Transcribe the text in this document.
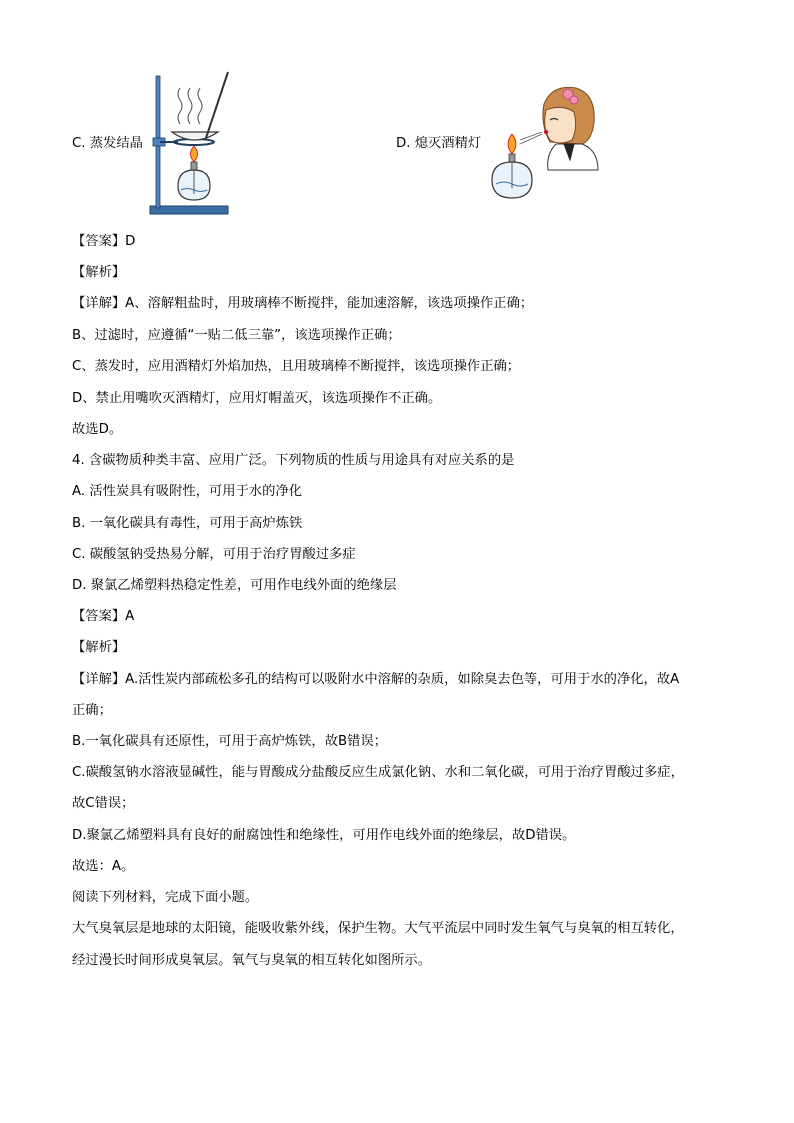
C. 蒸发结晶	D. 熄灭酒精灯
【答案】D
【解析】
【详解】A、溶解粗盐时，用玻璃棒不断搅拌，能加速溶解，该选项操作正确；
B、过滤时，应遵循“一贴二低三靠”，该选项操作正确；
C、蒸发时，应用酒精灯外焰加热，且用玻璃棒不断搅拌，该选项操作正确；
D、禁止用嘴吹灭酒精灯，应用灯帽盖灭，该选项操作不正确。
故选D。
4. 含碳物质种类丰富、应用广泛。下列物质的性质与用途具有对应关系的是
A. 活性炭具有吸附性，可用于水的净化
B. 一氧化碳具有毒性，可用于高炉炼铁
C. 碳酸氢钠受热易分解，可用于治疗胃酸过多症
D. 聚氯乙烯塑料热稳定性差，可用作电线外面的绝缘层
【答案】A
【解析】
【详解】A.活性炭内部疏松多孔的结构可以吸附水中溶解的杂质，如除臭去色等，可用于水的净化，故A
正确；
B.一氧化碳具有还原性，可用于高炉炼铁，故B错误；
C.碳酸氢钠水溶液显碱性，能与胃酸成分盐酸反应生成氯化钠、水和二氧化碳，可用于治疗胃酸过多症，
故C错误；
D.聚氯乙烯塑料具有良好的耐腐蚀性和绝缘性，可用作电线外面的绝缘层，故D错误。
故选：A。
阅读下列材料，完成下面小题。
大气臭氧层是地球的太阳镜，能吸收紫外线，保护生物。大气平流层中同时发生氧气与臭氧的相互转化，
经过漫长时间形成臭氧层。氧气与臭氧的相互转化如图所示。
